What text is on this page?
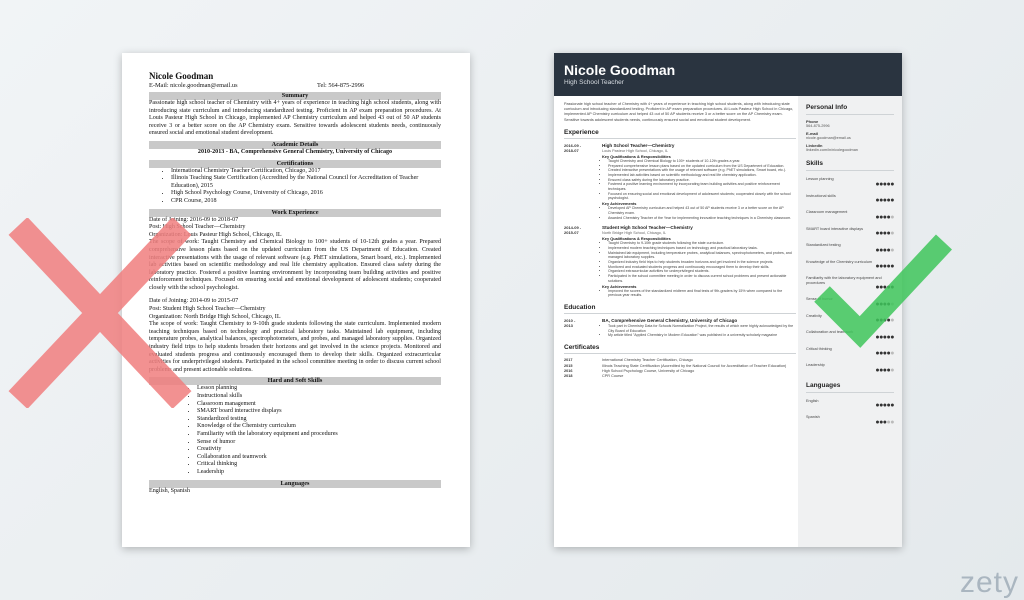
Nicole Goodman
E-Mail: nicole.goodman@email.us	Tel: 564-875-2996
Summary
Passionate high school teacher of Chemistry with 4+ years of experience in teaching high school students, along with introducing state curriculum and introducing standardized testing. Proficient in AP exam preparation procedures. At Louis Pasteur High School in Chicago, implemented AP Chemistry curriculum and helped 43 out of 50 AP students receive 3 or a better score on the AP Chemistry exam. Sensitive towards adolescent students needs, continuously ensured social and emotional student development.
Academic Details
2010-2013 - BA, Comprehensive General Chemistry, University of Chicago
Certifications
• International Chemistry Teacher Certification, Chicago, 2017
• Illinois Teaching State Certification (Accredited by the National Council for Accreditation of Teacher Education), 2015
• High School Psychology Course, University of Chicago, 2016
• CPR Course, 2018
Work Experience
Date of Joining: 2016-09 to 2018-07
Post: High School Teacher—Chemistry
Organization: Louis Pasteur High School, Chicago, IL
The scope of work: Taught Chemistry and Chemical Biology to 100+ students of 10-12th grades a year. Prepared comprehensive lesson plans based on the updated curriculum from the US Department of Education. Created interactive presentations with the usage of relevant software (e.g. PhET simulations, Smart board, etc.). Implemented lab activities based on scientific methodology and real life chemistry application. Ensured class safety during the laboratory practice. Fostered a positive learning environment by incorporating team building activities and positive reinforcement techniques. Focused on ensuring social and emotional development of adolescent students; cooperated closely with the school psychologist.
Date of Joining: 2014-09 to 2015-07
Post: Student High School Teacher—Chemistry
Organization: North Bridge High School, Chicago, IL
The scope of work: Taught Chemistry to 9-10th grade students following the state curriculum. Implemented modern teaching techniques based on technology and practical laboratory tasks. Maintained lab equipment, including temperature probes, analytical balances, spectrophotometers, and probes, and managed laboratory supplies. Organized industry field trips to help students broaden their horizons and get involved in the science projects. Monitored and evaluated students progress and continuously encouraged them to develop their skills. Organized extracurricular activities for underprivileged students. Participated in the school committee meeting in order to discuss current school problems and present actionable solutions.
Hard and Soft Skills
• Lesson planning
• Instructional skills
• Classroom management
• SMART board interactive displays
• Standardized testing
• Knowledge of the Chemistry curriculum
• Familiarity with the laboratory equipment and procedures
• Sense of humor
• Creativity
• Collaboration and teamwork
• Critical thinking
• Leadership
Languages
English, Spanish
Nicole Goodman
High School Teacher
Passionate high school teacher of Chemistry with 4+ years of experience in teaching high school students, along with introducing state curriculum and introducing standardized testing. Proficient in AP exam preparation procedures. At Louis Pasteur High School in Chicago, implemented AP Chemistry curriculum and helped 43 out of 50 AP students receive 3 or a better score on the AP Chemistry exam. Sensitive towards adolescent students needs, continuously ensured social and emotional student development.
Experience
2016-09 -
2018-07
High School Teacher—Chemistry
Louis Pasteur High School, Chicago, IL
Key Qualifications & Responsibilities
• Taught Chemistry and Chemical Biology to 100+ students of 10-12th grades a year.
• Prepared comprehensive lesson plans based on the updated curriculum from the US Department of Education.
• Created interactive presentations with the usage of relevant software (e.g. PhET simulations, Smart board, etc.).
• Implemented lab activities based on scientific methodology and real life chemistry application.
• Ensured class safety during the laboratory practice.
• Fostered a positive learning environment by incorporating team building activities and positive reinforcement techniques.
• Focused on ensuring social and emotional development of adolescent students; cooperated closely with the school psychologist.
Key Achievements
• Developed AP Chemistry curriculum and helped 43 out of 50 AP students receive 3 or a better score on the AP Chemistry exam.
• Awarded Chemistry Teacher of the Year for implementing innovative teaching techniques in a Chemistry classroom.
2014-09 -
2015-07
Student High School Teacher—Chemistry
North Bridge High School, Chicago, IL
Key Qualifications & Responsibilities
• Taught Chemistry to 9-10th grade students following the state curriculum.
• Implemented modern teaching techniques based on technology and practical laboratory tasks.
• Maintained lab equipment, including temperature probes, analytical balances, spectrophotometers, and probes, and managed laboratory supplies.
• Organized industry field trips to help students broaden horizons and get involved in the science projects.
• Monitored and evaluated students progress and continuously encouraged them to develop their skills.
• Organized extracurricular activities for underprivileged students.
• Participated in the school committee meeting in order to discuss current school problems and present actionable solutions.
Key Achievements
• Improved the scores of the standardized midterm and final tests of 9th-graders by 15% when compared to the previous year results.
Education
2010 -
2013
BA, Comprehensive General Chemistry, University of Chicago
• Took part in Chemistry Data for Schools Normalization Project, the results of which were highly acknowledged by the City Board of Education
• My article titled "Applied Chemistry in Modern Education" was published in a university scholarly magazine
Certificates
2017	International Chemistry Teacher Certification, Chicago
2015	Illinois Teaching State Certification (Accredited by the National Council for Accreditation of Teacher Education)
2016	High School Psychology Course, University of Chicago
2018	CPR Course
Personal Info
Phone
564-875-2996
E-mail
nicole.goodman@email.us
LinkedIn
linkedin.com/in/nicolegoodman
Skills
Lesson planning
●●●●●
Instructional skills
●●●●●
Classroom management
●●●●●
SMART board interactive displays
●●●●●
Standardized testing
●●●●●
Knowledge of the Chemistry curriculum
●●●●●
Familiarity with the laboratory equipment and procedures
●●●●●
Sense of humor
●●●●●
Creativity
●●●●●
Collaboration and teamwork
●●●●●
Critical thinking
●●●●●
Leadership
●●●●●
Languages
English
●●●●●
Spanish
●●●●●
zety
